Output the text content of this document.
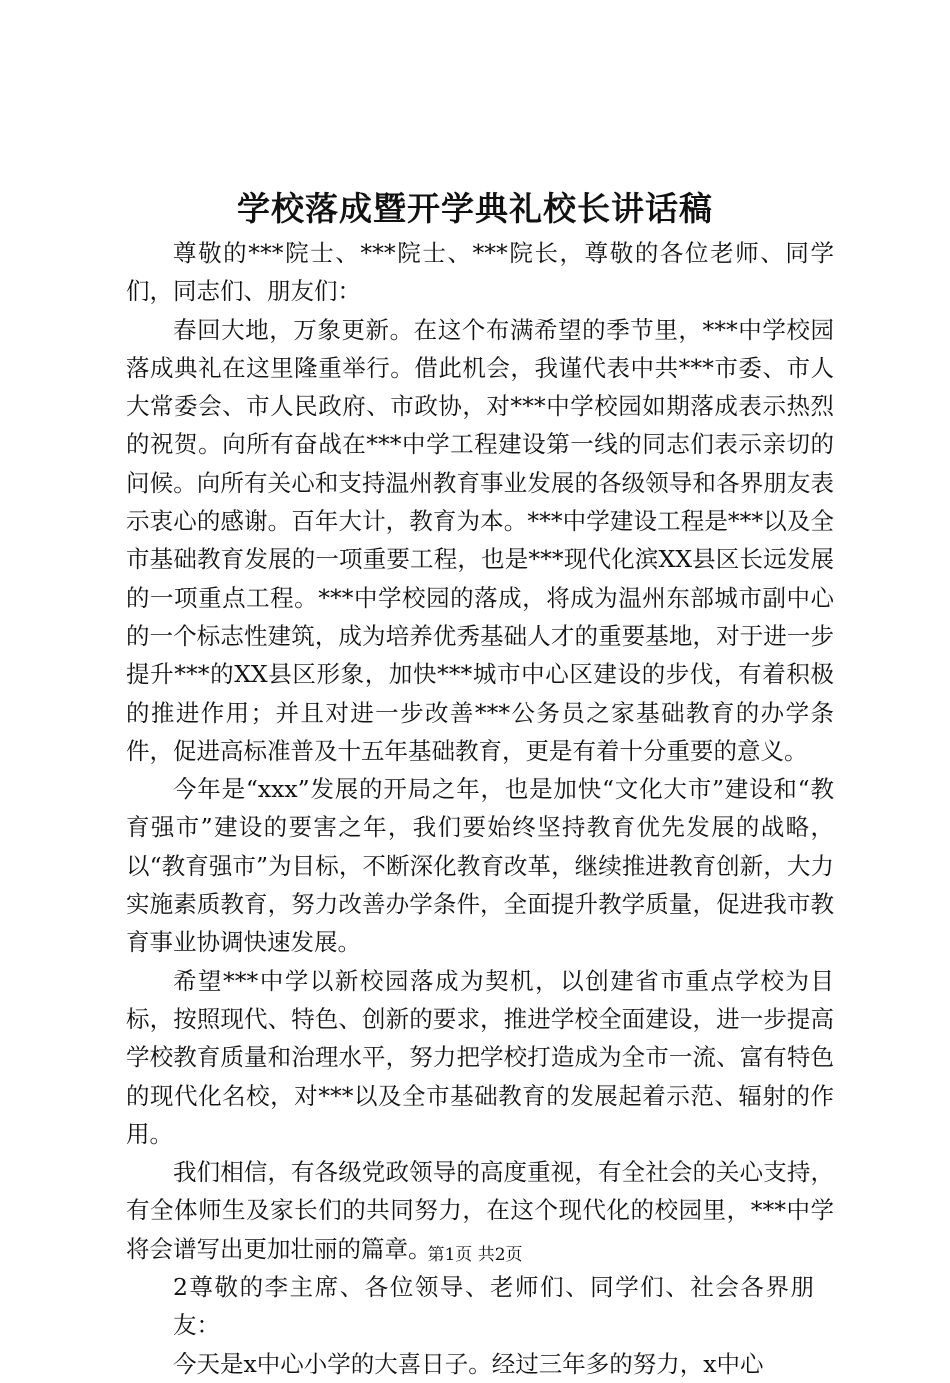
学校落成暨开学典礼校长讲话稿

尊敬的***院士、***院士、***院长，尊敬的各位老师、同学们，同志们、朋友们：

春回大地，万象更新。在这个布满希望的季节里，***中学校园落成典礼在这里隆重举行。借此机会，我谨代表中共***市委、市人大常委会、市人民政府、市政协，对***中学校园如期落成表示热烈的祝贺。向所有奋战在***中学工程建设第一线的同志们表示亲切的问候。向所有关心和支持温州教育事业发展的各级领导和各界朋友表示衷心的感谢。百年大计，教育为本。***中学建设工程是***以及全市基础教育发展的一项重要工程，也是***现代化滨XX县区长远发展的一项重点工程。***中学校园的落成，将成为温州东部城市副中心的一个标志性建筑，成为培养优秀基础人才的重要基地，对于进一步提升***的XX县区形象，加快***城市中心区建设的步伐，有着积极的推进作用；并且对进一步改善***公务员之家基础教育的办学条件，促进高标准普及十五年基础教育，更是有着十分重要的意义。

今年是“xxx”发展的开局之年，也是加快“文化大市”建设和“教育强市”建设的要害之年，我们要始终坚持教育优先发展的战略，以“教育强市”为目标，不断深化教育改革，继续推进教育创新，大力实施素质教育，努力改善办学条件，全面提升教学质量，促进我市教育事业协调快速发展。

希望***中学以新校园落成为契机，以创建省市重点学校为目标，按照现代、特色、创新的要求，推进学校全面建设，进一步提高学校教育质量和治理水平，努力把学校打造成为全市一流、富有特色的现代化名校，对***以及全市基础教育的发展起着示范、辐射的作用。

我们相信，有各级党政领导的高度重视，有全社会的关心支持，有全体师生及家长们的共同努力，在这个现代化的校园里，***中学将会谱写出更加壮丽的篇章。

2尊敬的李主席、各位领导、老师们、同学们、社会各界朋友：

今天是x中心小学的大喜日子。经过三年多的努力，x中心

第1页 共2页
